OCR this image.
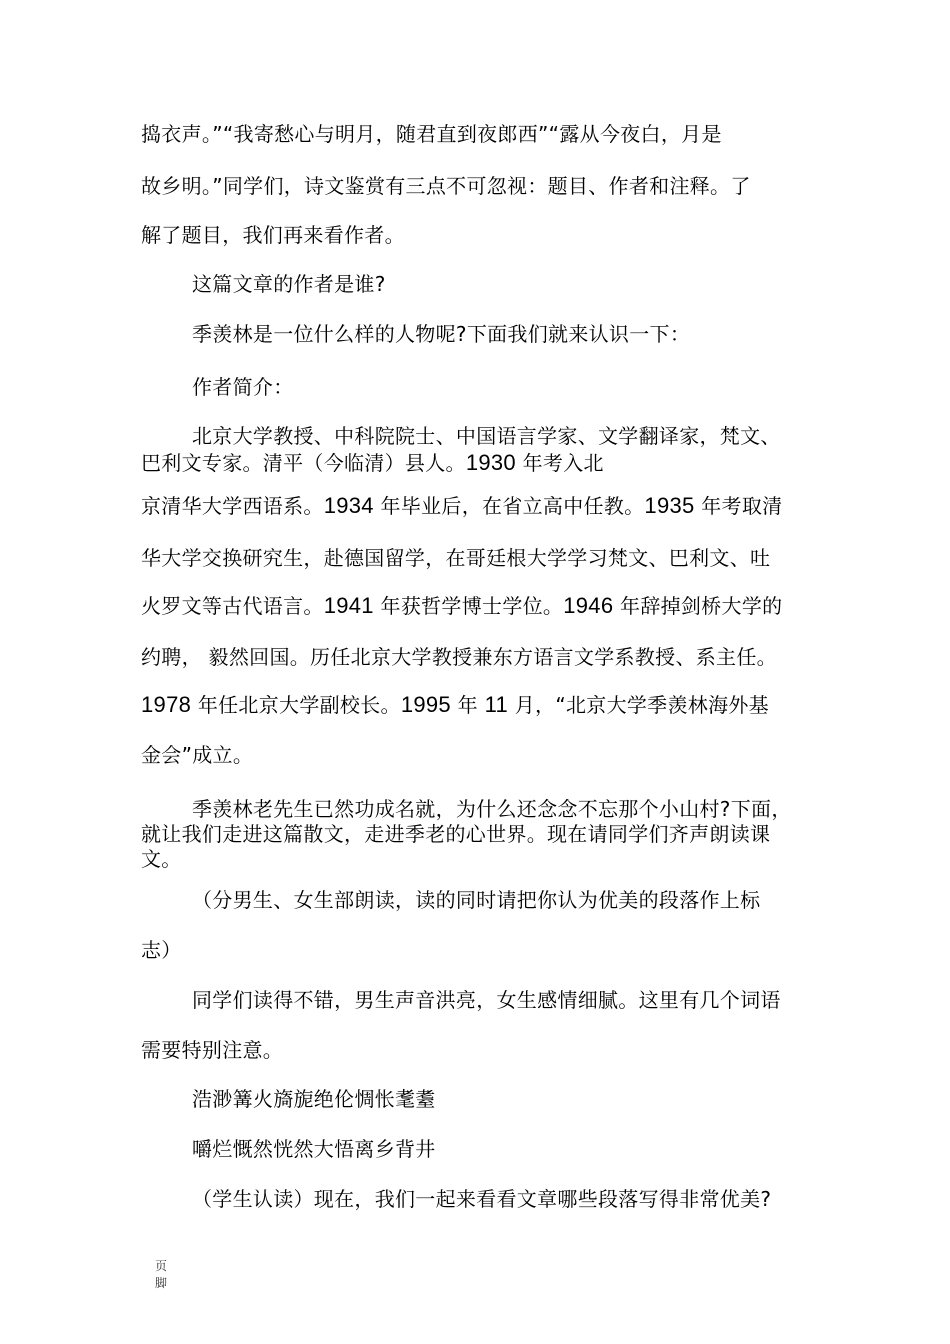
捣衣声。”“我寄愁心与明月，随君直到夜郎西”“露从今夜白，月是
故乡明。”同学们，诗文鉴赏有三点不可忽视：题目、作者和注释。了
解了题目，我们再来看作者。
这篇文章的作者是谁?
季羡林是一位什么样的人物呢?下面我们就来认识一下：
作者简介：
北京大学教授、中科院院士、中国语言学家、文学翻译家，梵文、
巴利文专家。清平（今临清）县人。1930 年考入北
京清华大学西语系。1934 年毕业后，在省立高中任教。1935 年考取清
华大学交换研究生，赴德国留学，在哥廷根大学学习梵文、巴利文、吐
火罗文等古代语言。1941 年获哲学博士学位。1946 年辞掉剑桥大学的
约聘， 毅然回国。历任北京大学教授兼东方语言文学系教授、系主任。
1978 年任北京大学副校长。1995 年 11 月，“北京大学季羡林海外基
金会”成立。
季羡林老先生已然功成名就，为什么还念念不忘那个小山村?下面，
就让我们走进这篇散文，走进季老的心世界。现在请同学们齐声朗读课
文。
（分男生、女生部朗读，读的同时请把你认为优美的段落作上标
志）
同学们读得不错，男生声音洪亮，女生感情细腻。这里有几个词语
需要特别注意。
浩渺篝火旖旎绝伦惆怅耄耋
嚼烂慨然恍然大悟离乡背井
（学生认读）现在，我们一起来看看文章哪些段落写得非常优美?
页
脚
